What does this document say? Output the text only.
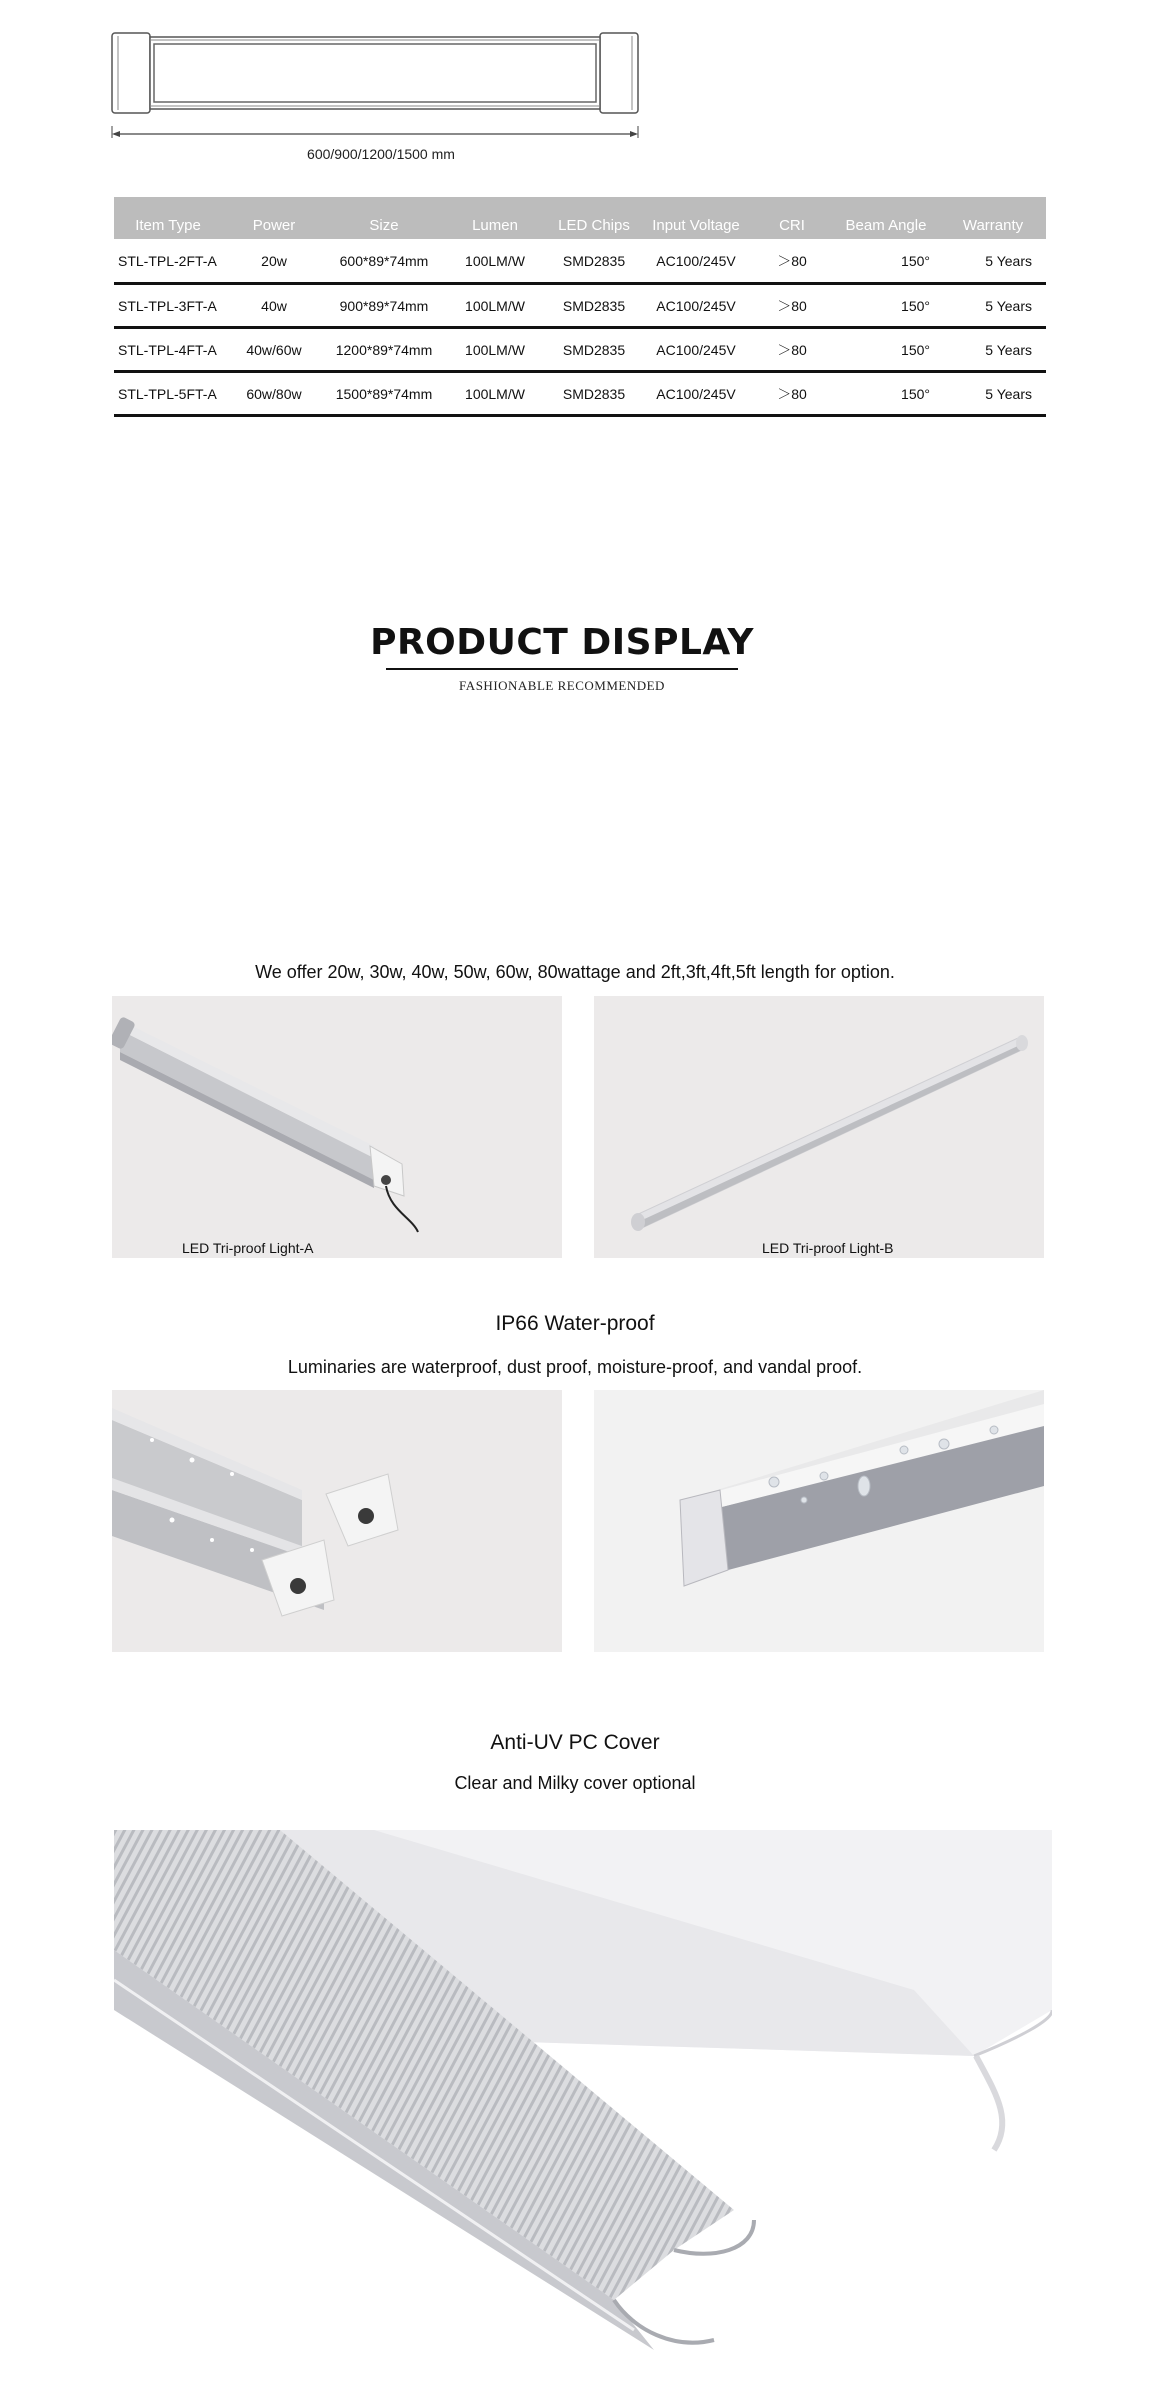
600/900/1200/1500 mm
Item Type	Power	Size	Lumen	LED Chips	Input Voltage	CRI	Beam Angle	Warranty
STL-TPL-2FT-A	20w	600*89*74mm	100LM/W	SMD2835	AC100/245V	＞80	150°	5 Years
STL-TPL-3FT-A	40w	900*89*74mm	100LM/W	SMD2835	AC100/245V	＞80	150°	5 Years
STL-TPL-4FT-A	40w/60w	1200*89*74mm	100LM/W	SMD2835	AC100/245V	＞80	150°	5 Years
STL-TPL-5FT-A	60w/80w	1500*89*74mm	100LM/W	SMD2835	AC100/245V	＞80	150°	5 Years
PRODUCT DISPLAY
FASHIONABLE RECOMMENDED
We offer 20w, 30w, 40w, 50w, 60w, 80wattage and 2ft,3ft,4ft,5ft length for option.
LED Tri-proof Light-A	LED Tri-proof Light-B
IP66 Water-proof
Luminaries are waterproof, dust proof, moisture-proof, and vandal proof.
Anti-UV PC Cover
Clear and Milky cover optional
